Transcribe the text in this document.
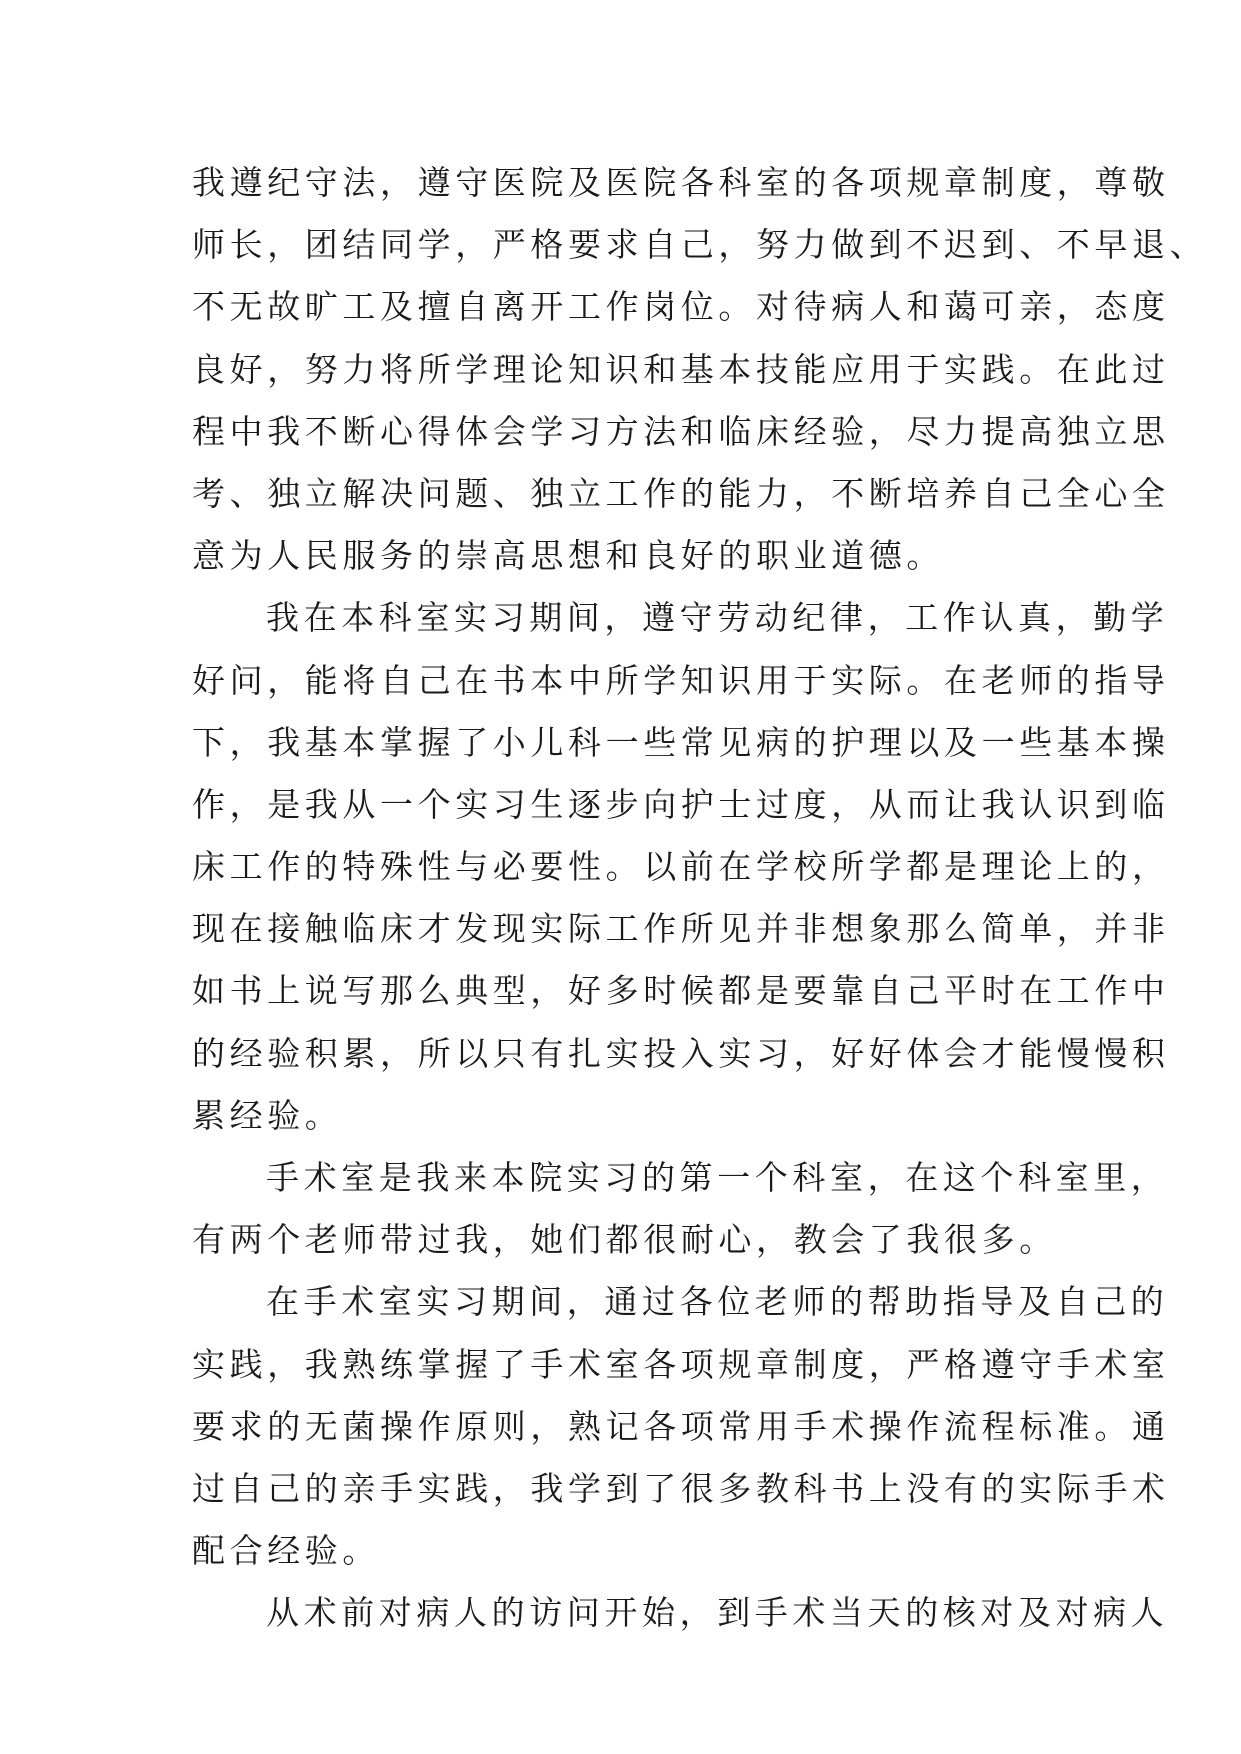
我遵纪守法，遵守医院及医院各科室的各项规章制度，尊敬
师长，团结同学，严格要求自己，努力做到不迟到、不早退、
不无故旷工及擅自离开工作岗位。对待病人和蔼可亲，态度
良好，努力将所学理论知识和基本技能应用于实践。在此过
程中我不断心得体会学习方法和临床经验，尽力提高独立思
考、独立解决问题、独立工作的能力，不断培养自己全心全
意为人民服务的崇高思想和良好的职业道德。
我在本科室实习期间，遵守劳动纪律，工作认真，勤学
好问，能将自己在书本中所学知识用于实际。在老师的指导
下，我基本掌握了小儿科一些常见病的护理以及一些基本操
作，是我从一个实习生逐步向护士过度，从而让我认识到临
床工作的特殊性与必要性。以前在学校所学都是理论上的，
现在接触临床才发现实际工作所见并非想象那么简单，并非
如书上说写那么典型，好多时候都是要靠自己平时在工作中
的经验积累，所以只有扎实投入实习，好好体会才能慢慢积
累经验。
手术室是我来本院实习的第一个科室，在这个科室里，
有两个老师带过我，她们都很耐心，教会了我很多。
在手术室实习期间，通过各位老师的帮助指导及自己的
实践，我熟练掌握了手术室各项规章制度，严格遵守手术室
要求的无菌操作原则，熟记各项常用手术操作流程标准。通
过自己的亲手实践，我学到了很多教科书上没有的实际手术
配合经验。
从术前对病人的访问开始，到手术当天的核对及对病人
